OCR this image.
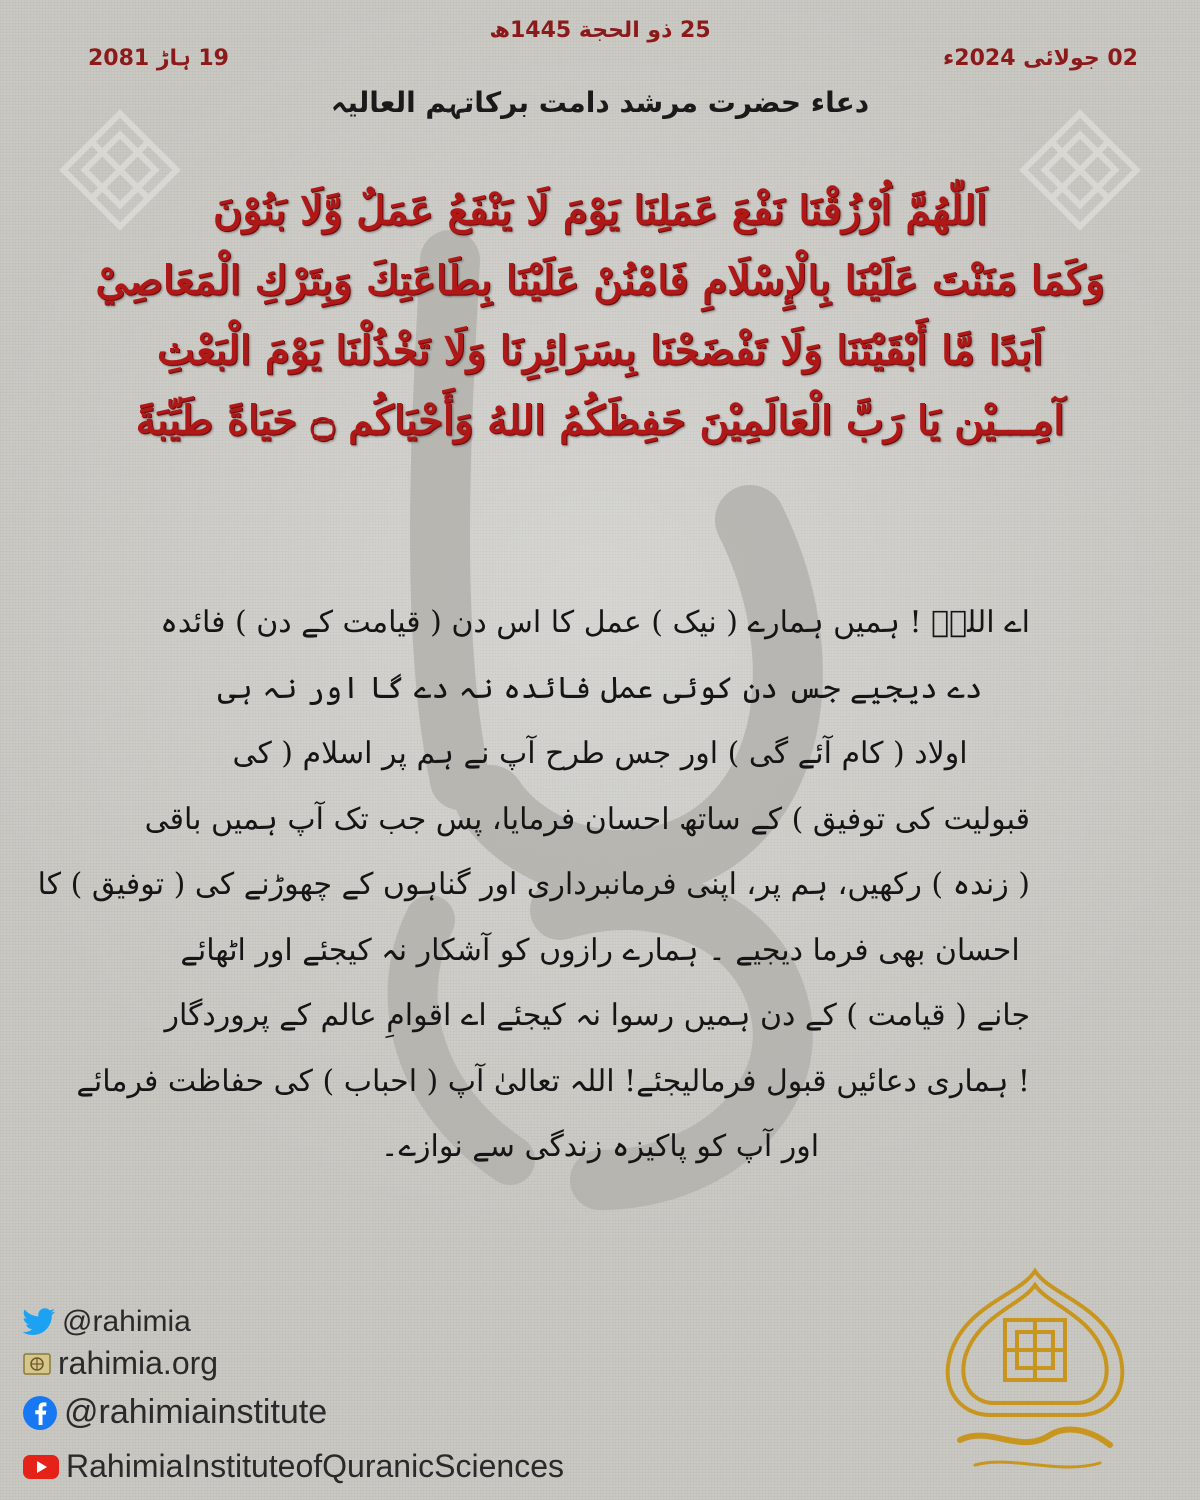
25 ذو الحجة 1445ھ
02 جولائی 2024ء
19 ہاڑ 2081
دعاء حضرت مرشد دامت برکاتہم العالیہ
اَللّٰهُمَّ اُرْزُقْنَا نَفْعَ عَمَلِنَا يَوْمَ لَا يَنْفَعُ عَمَلٌ وَّلَا بَنُوْنَ
وَكَمَا مَنَنْتَ عَلَيْنَا بِالْإِسْلَامِ فَامْنُنْ عَلَيْنَا بِطَاعَتِكَ وَبِتَرْكِ الْمَعَاصِيْ
اَبَدًا مَّا أَبْقَيْتَنَا وَلَا تَفْضَحْنَا بِسَرَائِرِنَا وَلَا تَخْذُلْنَا يَوْمَ الْبَعْثِ
آمِـــيْن يَا رَبَّ الْعَالَمِيْنَ حَفِظَكُمُ اللهُ وَأَحْيَاكُم ۝ حَيَاةً طَيِّبَةً
اے اللہؐ ! ہمیں ہمارے ( نیک ) عمل کا اس دن ( قیامت کے دن ) فائدہ
دے دیجیے جس دن کوئی عمل فائدہ نہ دے گا اور نہ ہی
اولاد ( کام آئے گی ) اور جس طرح آپ نے ہم پر اسلام ( کی
قبولیت کی توفیق ) کے ساتھ احسان فرمایا، پس جب تک آپ ہمیں باقی
( زندہ ) رکھیں، ہم پر، اپنی فرمانبرداری اور گناہوں کے چھوڑنے کی ( توفیق ) کا
احسان بھی فرما دیجیے ۔ ہمارے رازوں کو آشکار نہ کیجئے اور اٹھائے
جانے ( قیامت ) کے دن ہمیں رسوا نہ کیجئے اے اقوامِ عالم کے پروردگار
! ہماری دعائیں قبول فرمالیجئے! اللہ تعالیٰ آپ ( احباب ) کی حفاظت فرمائے
اور آپ کو پاکیزہ زندگی سے نوازے۔
@rahimia
rahimia.org
@rahimiainstitute
RahimiaInstituteofQuranicSciences
